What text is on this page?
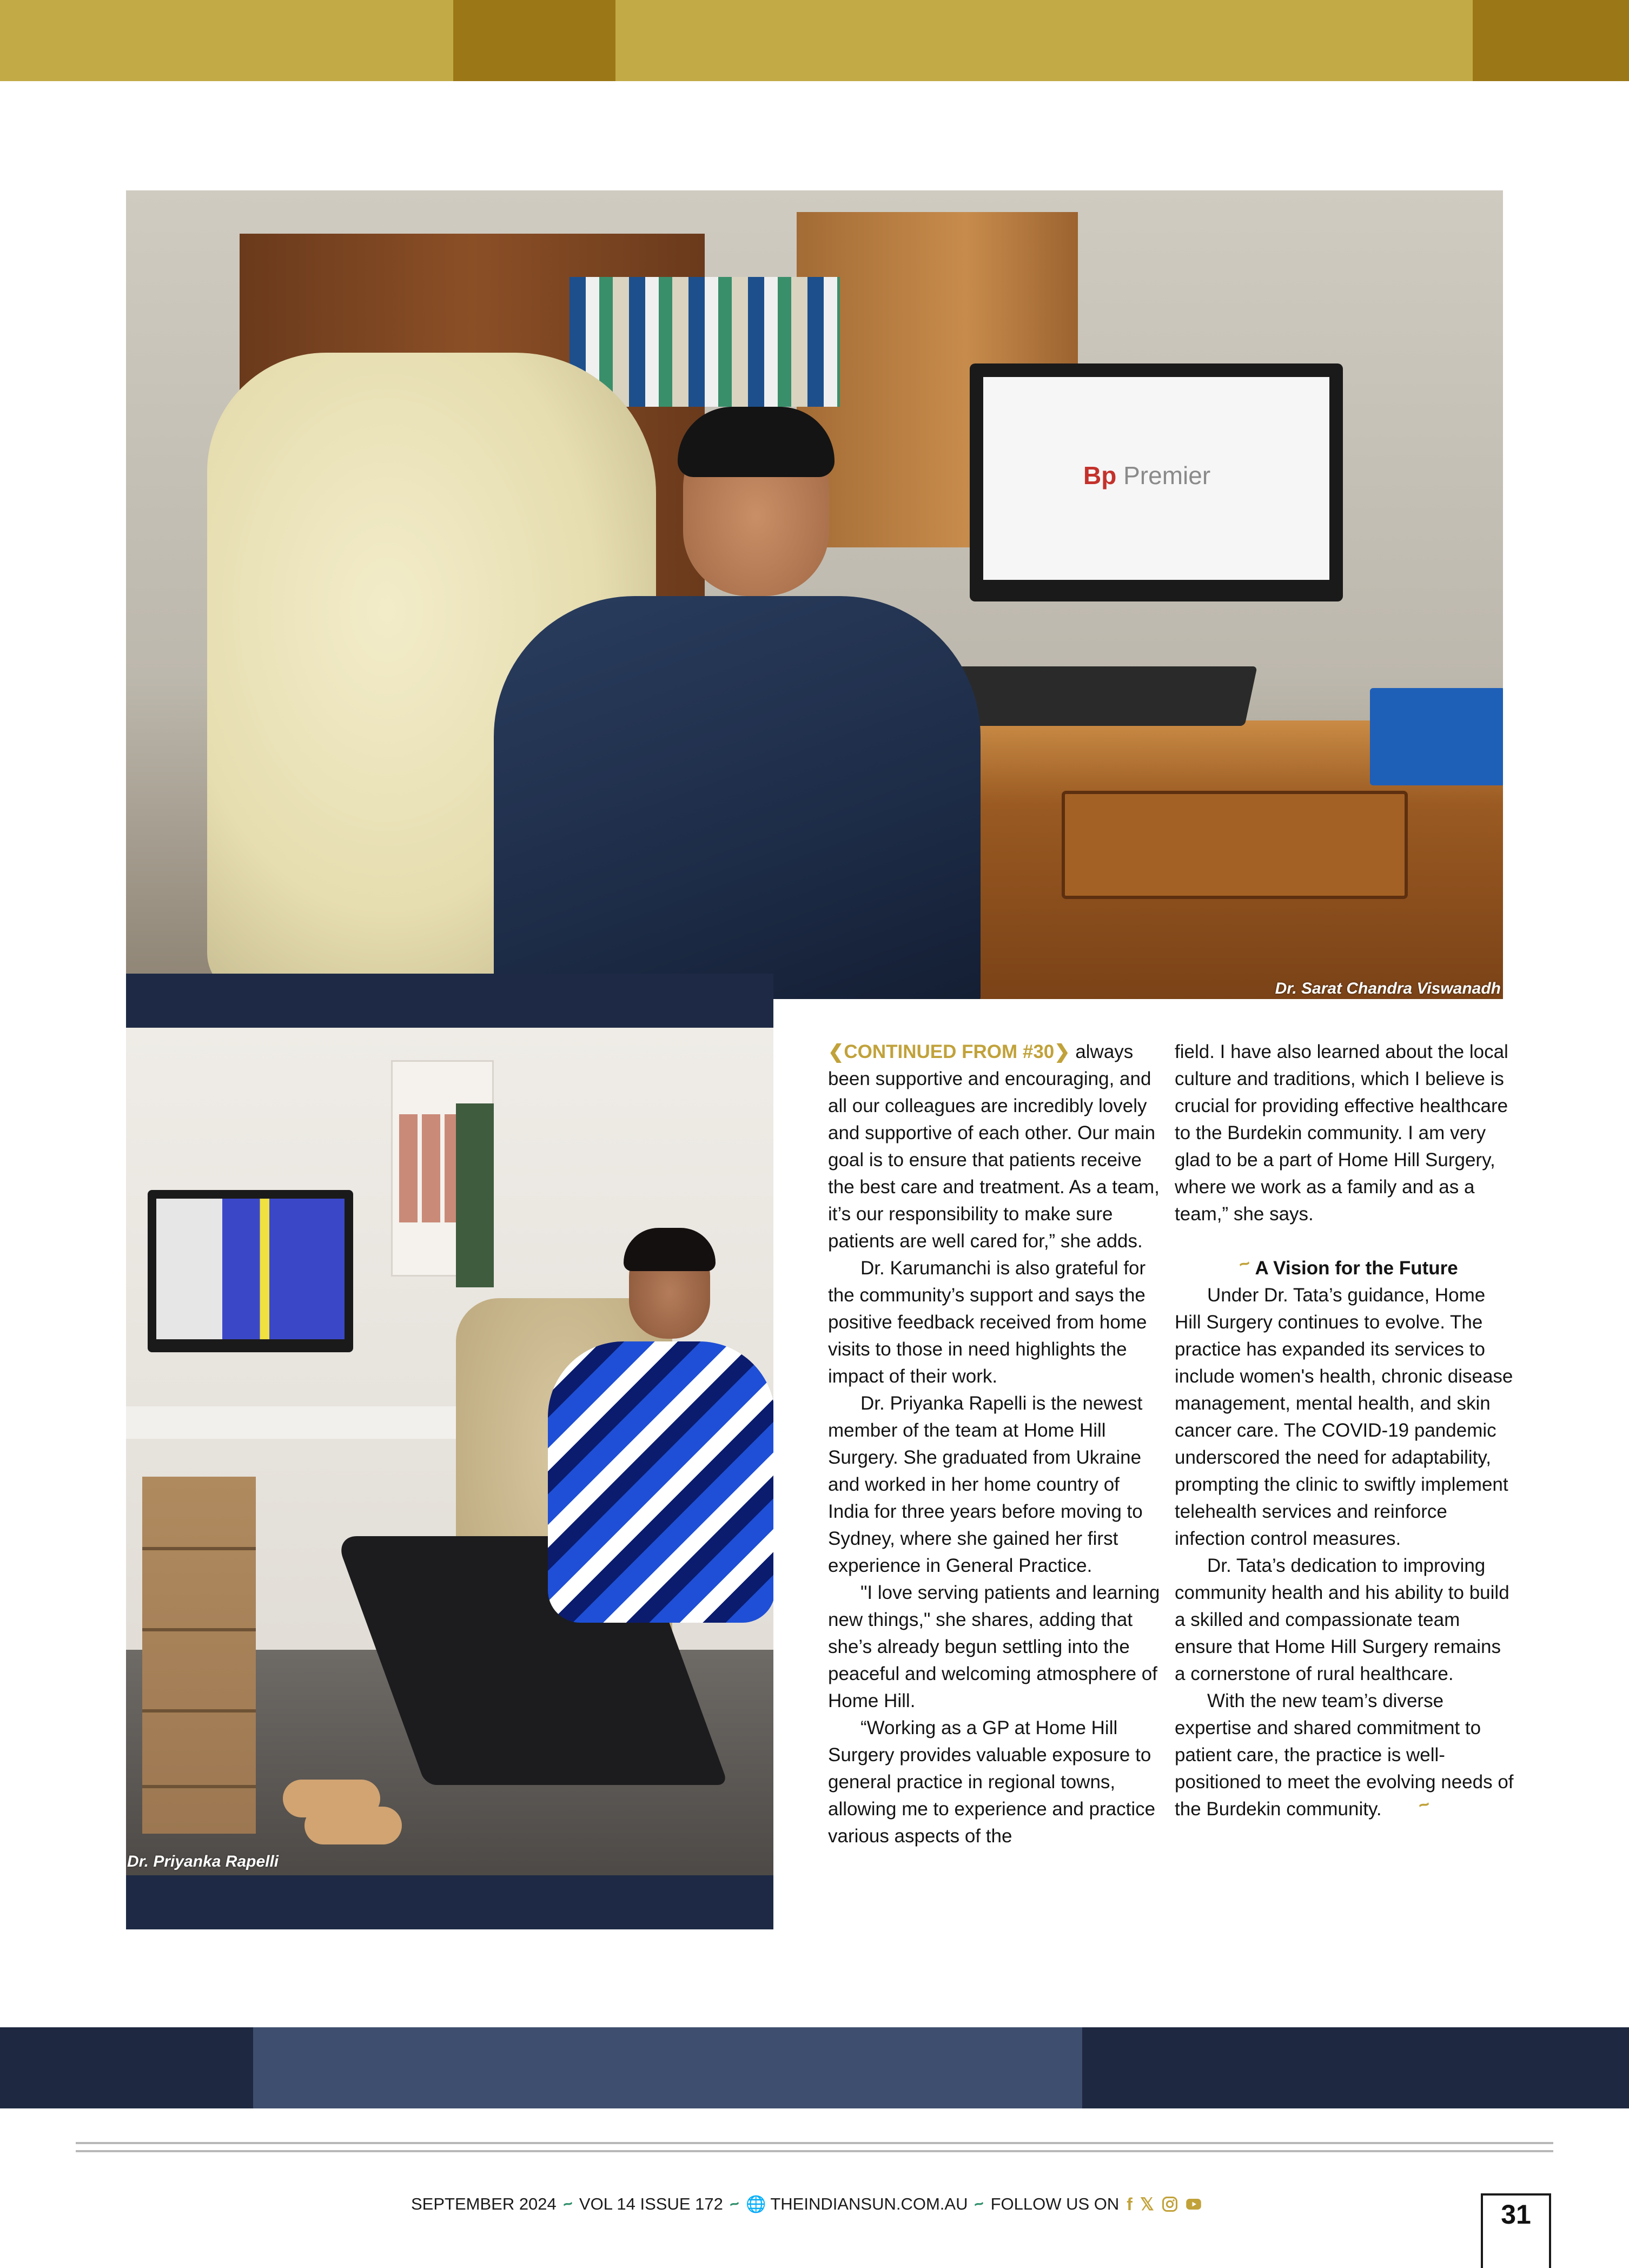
Bp Premier
Dr. Sarat Chandra Viswanadh
Dr. Priyanka Rapelli

❮CONTINUED FROM #30❯ always been supportive and encouraging, and all our colleagues are incredibly lovely and supportive of each other. Our main goal is to ensure that patients receive the best care and treatment. As a team, it’s our responsibility to make sure patients are well cared for,” she adds.

Dr. Karumanchi is also grateful for the community’s support and says the positive feedback received from home visits to those in need highlights the impact of their work.

Dr. Priyanka Rapelli is the newest member of the team at Home Hill Surgery. She graduated from Ukraine and worked in her home country of India for three years before moving to Sydney, where she gained her first experience in General Practice.

"I love serving patients and learning new things," she shares, adding that she’s already begun settling into the peaceful and welcoming atmosphere of Home Hill.

“Working as a GP at Home Hill Surgery provides valuable exposure to general practice in regional towns, allowing me to experience and practice various aspects of the

field. I have also learned about the local culture and traditions, which I believe is crucial for providing effective healthcare to the Burdekin community. I am very glad to be a part of Home Hill Surgery, where we work as a family and as a team,” she says.

~ A Vision for the Future

Under Dr. Tata’s guidance, Home Hill Surgery continues to evolve. The practice has expanded its services to include women's health, chronic disease management, mental health, and skin cancer care. The COVID-19 pandemic underscored the need for adaptability, prompting the clinic to swiftly implement telehealth services and reinforce infection control measures.

Dr. Tata’s dedication to improving community health and his ability to build a skilled and compassionate team ensure that Home Hill Surgery remains a cornerstone of rural healthcare.

With the new team’s diverse expertise and shared commitment to patient care, the practice is well-positioned to meet the evolving needs of the Burdekin community. ~

SEPTEMBER 2024 ~ VOL 14 ISSUE 172 ~ 🌐 THEINDIANSUN.COM.AU ~ FOLLOW US ON f 𝕏	31
